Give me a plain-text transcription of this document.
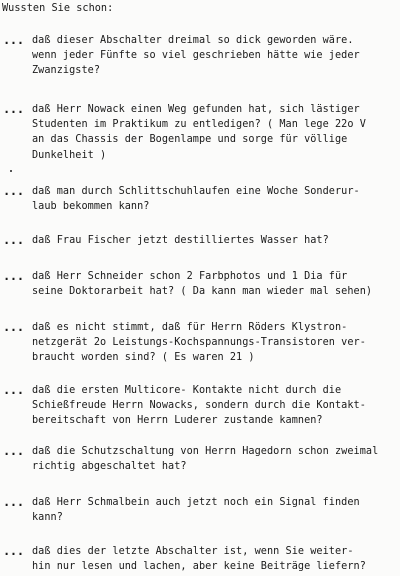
Wussten Sie schon:
... daß dieser Abschalter dreimal so dick geworden wäre.
wenn jeder Fünfte so viel geschrieben hätte wie jeder
Zwanzigste?
... daß Herr Nowack einen Weg gefunden hat, sich lästiger
Studenten im Praktikum zu entledigen? ( Man lege 22o V
an das Chassis der Bogenlampe und sorge für völlige
Dunkelheit )
... daß man durch Schlittschuhlaufen eine Woche Sonderur-
laub bekommen kann?
... daß Frau Fischer jetzt destilliertes Wasser hat?
... daß Herr Schneider schon 2 Farbphotos und 1 Dia für
seine Doktorarbeit hat? ( Da kann man wieder mal sehen)
... daß es nicht stimmt, daß für Herrn Röders Klystron-
netzgerät 2o Leistungs-Kochspannungs-Transistoren ver-
braucht worden sind? ( Es waren 21 )
... daß die ersten Multicore- Kontakte nicht durch die
Schießfreude Herrn Nowacks, sondern durch die Kontakt-
bereitschaft von Herrn Luderer zustande kamnen?
... daß die Schutzschaltung von Herrn Hagedorn schon zweimal
richtig abgeschaltet hat?
... daß Herr Schmalbein auch jetzt noch ein Signal finden
kann?
... daß dies der letzte Abschalter ist, wenn Sie weiter-
hin nur lesen und lachen, aber keine Beiträge liefern?
